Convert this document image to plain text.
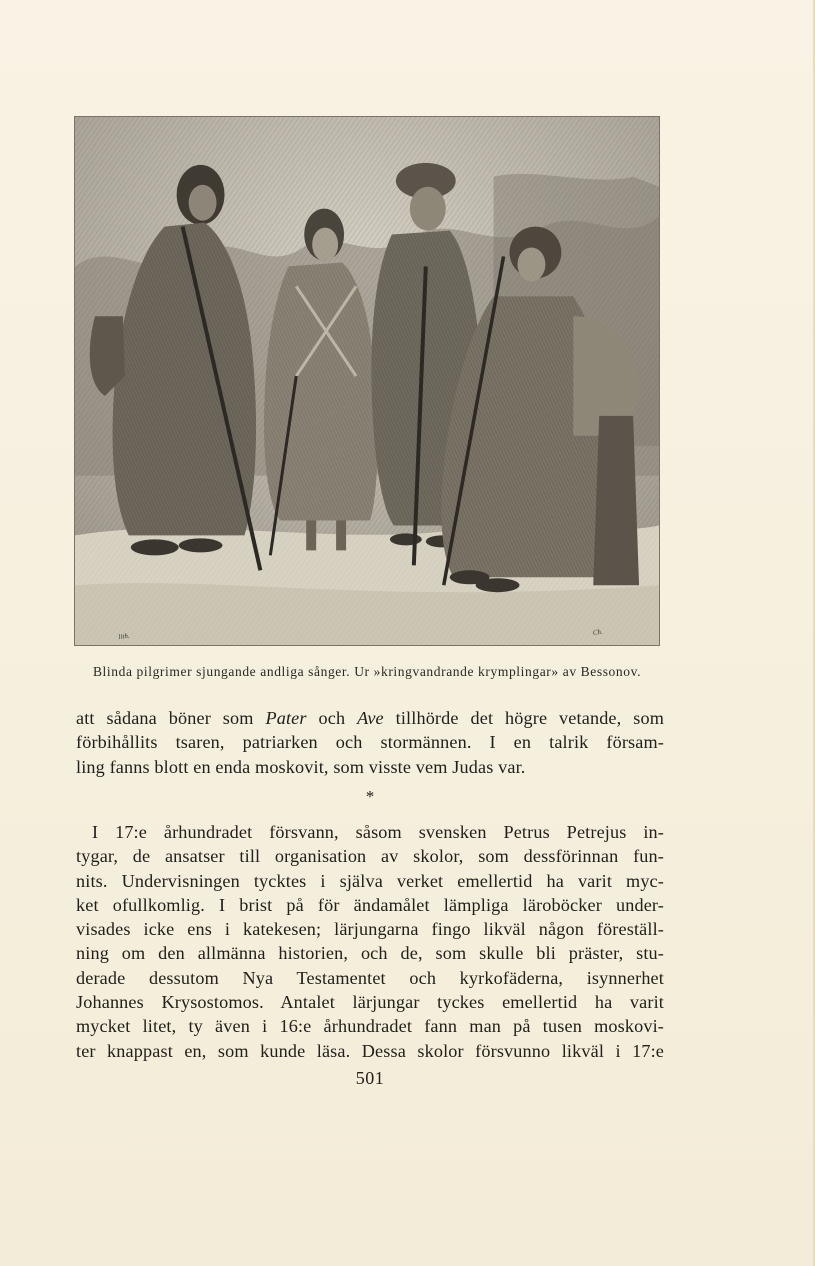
lith.	Ch.
Blinda pilgrimer sjungande andliga sånger. Ur »kringvandrande krymplingar» av Bessonov.
att sådana böner som Pater och Ave tillhörde det högre vetande, som
förbihållits tsaren, patriarken och stormännen. I en talrik försam-
ling fanns blott en enda moskovit, som visste vem Judas var.
*
I 17:e århundradet försvann, såsom svensken Petrus Petrejus in-
tygar, de ansatser till organisation av skolor, som dessförinnan fun-
nits. Undervisningen tycktes i själva verket emellertid ha varit myc-
ket ofullkomlig. I brist på för ändamålet lämpliga läroböcker under-
visades icke ens i katekesen; lärjungarna fingo likväl någon föreställ-
ning om den allmänna historien, och de, som skulle bli präster, stu-
derade dessutom Nya Testamentet och kyrkofäderna, isynnerhet
Johannes Krysostomos. Antalet lärjungar tyckes emellertid ha varit
mycket litet, ty även i 16:e århundradet fann man på tusen moskovi-
ter knappast en, som kunde läsa. Dessa skolor försvunno likväl i 17:e
501
